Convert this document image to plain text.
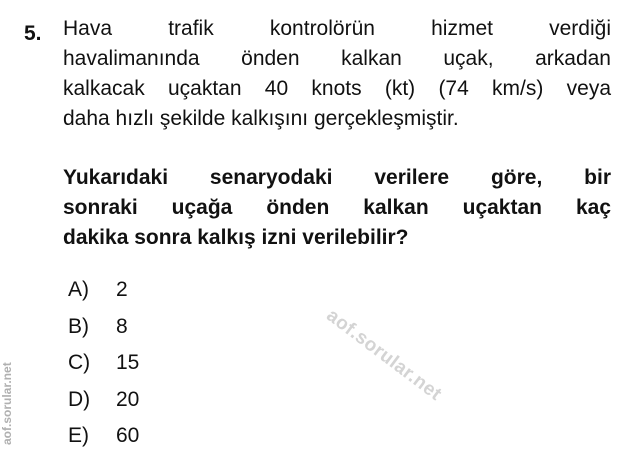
5. Hava trafik kontrolörün hizmet verdiği
havalimanında önden kalkan uçak, arkadan
kalkacak uçaktan 40 knots (kt) (74 km/s) veya
daha hızlı şekilde kalkışını gerçekleşmiştir.
Yukarıdaki senaryodaki verilere göre, bir
sonraki uçağa önden kalkan uçaktan kaç
dakika sonra kalkış izni verilebilir?
A)	2
B)	8
C)	15
D)	20
E)	60
aof.sorular.net
aof.sorular.net
